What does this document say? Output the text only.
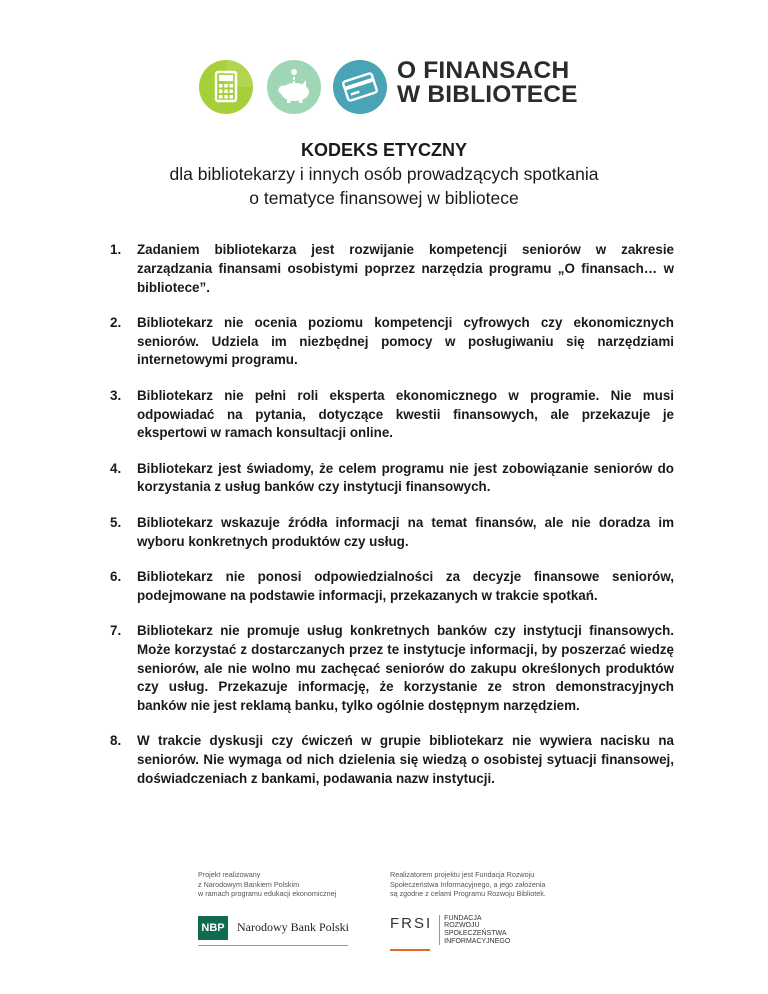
O FINANSACH
W BIBLIOTECE

KODEKS ETYCZNY

dla bibliotekarzy i innych osób prowadzących spotkania

o tematyce finansowej w bibliotece

1. Zadaniem bibliotekarza jest rozwijanie kompetencji seniorów w zakresie zarządzania finansami osobistymi poprzez narzędzia programu „O finansach… w bibliotece”.
2. Bibliotekarz nie ocenia poziomu kompetencji cyfrowych czy ekonomicznych seniorów. Udziela im niezbędnej pomocy w posługiwaniu się narzędziami internetowymi programu.
3. Bibliotekarz nie pełni roli eksperta ekonomicznego w programie. Nie musi odpowiadać na pytania, dotyczące kwestii finansowych, ale przekazuje je ekspertowi w ramach konsultacji online.
4. Bibliotekarz jest świadomy, że celem programu nie jest zobowiązanie seniorów do korzystania z usług banków czy instytucji finansowych.
5. Bibliotekarz wskazuje źródła informacji na temat finansów, ale nie doradza im wyboru konkretnych produktów czy usług.
6. Bibliotekarz nie ponosi odpowiedzialności za decyzje finansowe seniorów, podejmowane na podstawie informacji, przekazanych w trakcie spotkań.
7. Bibliotekarz nie promuje usług konkretnych banków czy instytucji finansowych. Może korzystać z dostarczanych przez te instytucje informacji, by poszerzać wiedzę seniorów, ale nie wolno mu zachęcać seniorów do zakupu określonych produktów czy usług. Przekazuje informację, że korzystanie ze stron demonstracyjnych banków nie jest reklamą banku, tylko ogólnie dostępnym narzędziem.
8. W trakcie dyskusji czy ćwiczeń w grupie bibliotekarz nie wywiera nacisku na seniorów. Nie wymaga od nich dzielenia się wiedzą o osobistej sytuacji finansowej, doświadczeniach z bankami, podawania nazw instytucji.
Projekt realizowany
z Narodowym Bankiem Polskim
w ramach programu edukacji ekonomicznej
NBP Narodowy Bank Polski
Realizatorem projektu jest Fundacja Rozwoju
Społeczeństwa Informacyjnego, a jego założenia
są zgodne z celami Programu Rozwoju Bibliotek.
FRSI FUNDACJA
ROZWOJU
SPOŁECZEŃSTWA
INFORMACYJNEGO
